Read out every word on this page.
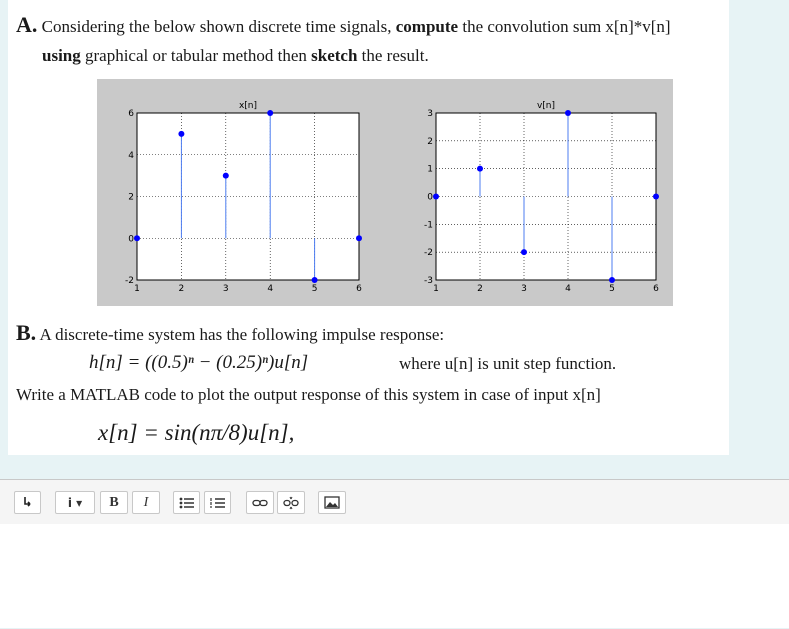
A. Considering the below shown discrete time signals, compute the convolution sum x[n]*v[n]
using graphical or tabular method then sketch the result.
x[n]
1	2	3	4	5	6
-2
0
2
4
6
v[n]
1	2	3	4	5	6
-3
-2
-1
0
1
2
3
B. A discrete-time system has the following impulse response:
h[n] = ((0.5)ⁿ − (0.25)ⁿ)u[n]	where u[n] is unit step function.
Write a MATLAB code to plot the output response of this system in case of input x[n]
x[n] = sin(nπ/8)u[n],
i ▾	B	I
